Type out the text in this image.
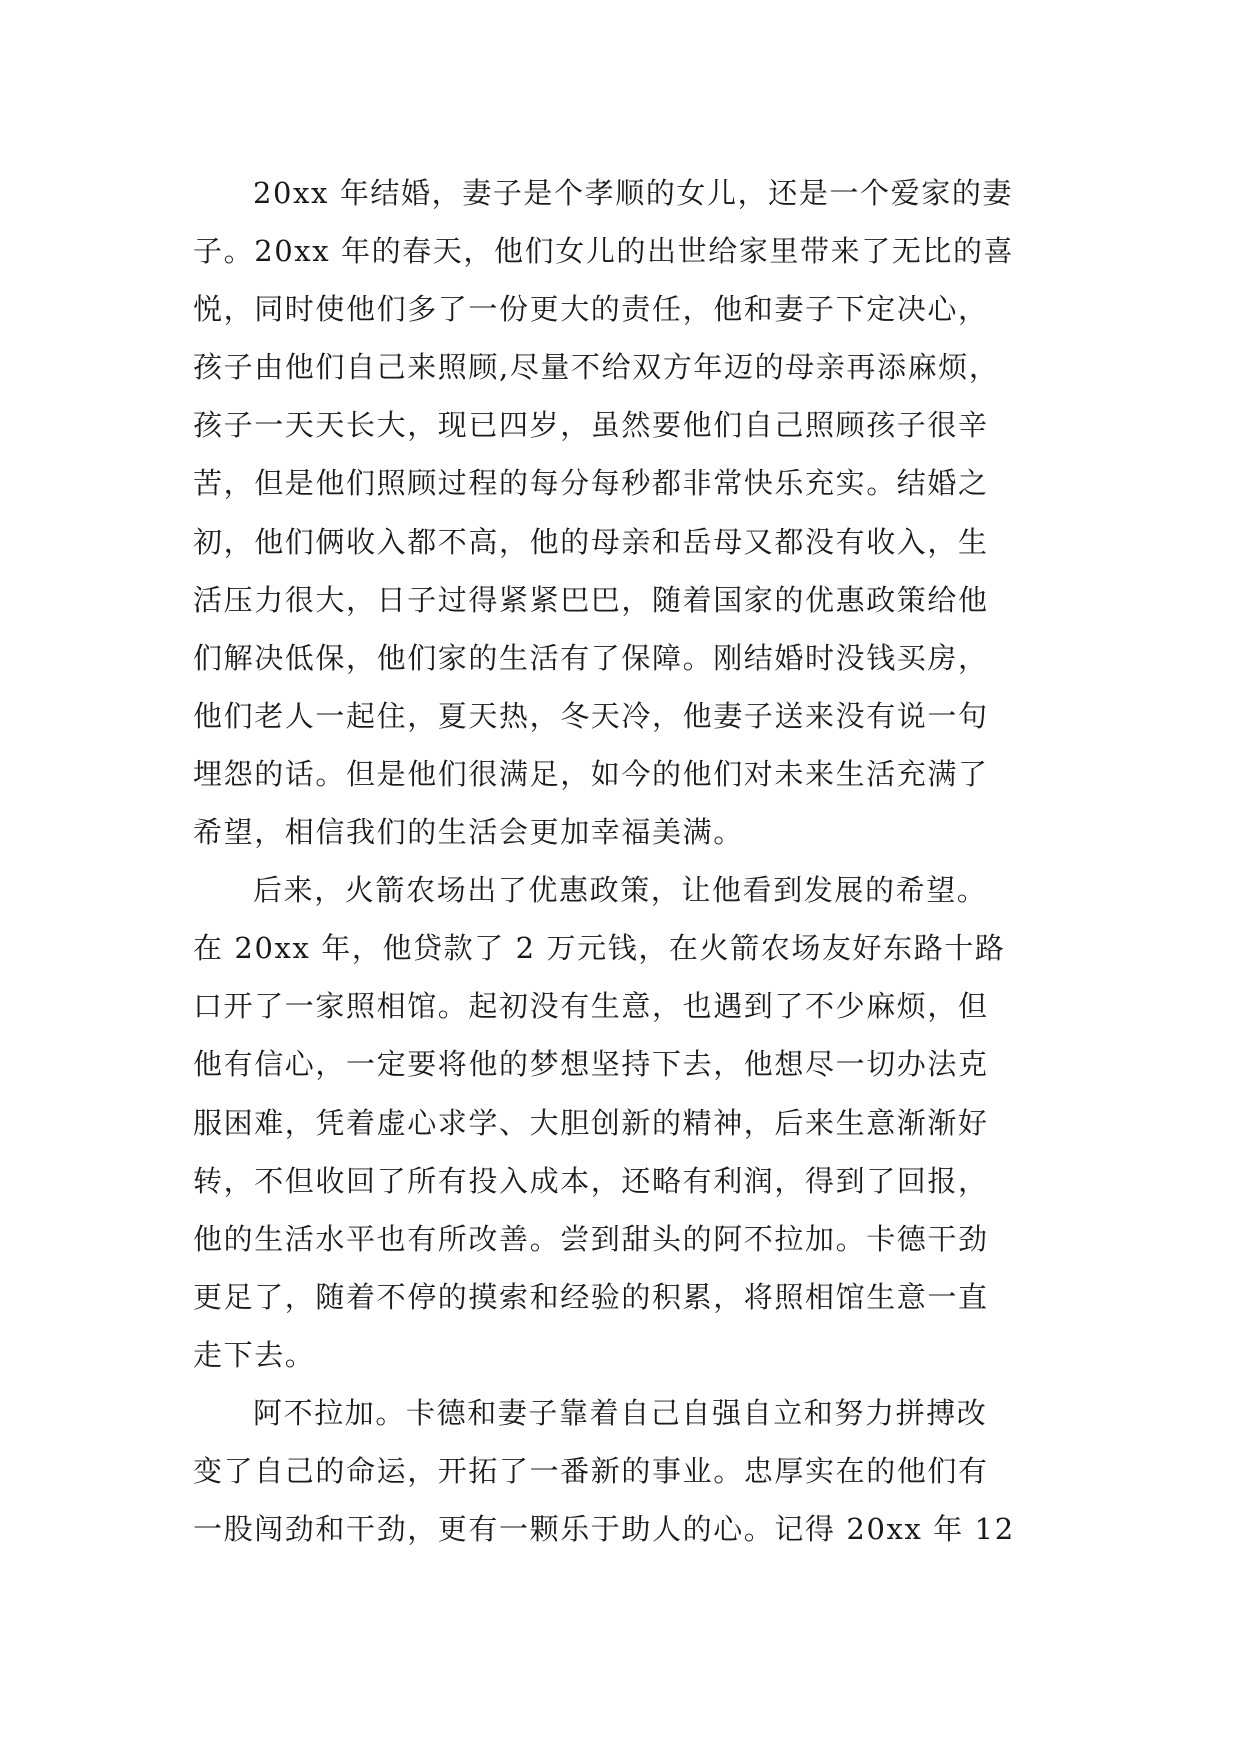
20xx 年结婚，妻子是个孝顺的女儿，还是一个爱家的妻
子。20xx 年的春天，他们女儿的出世给家里带来了无比的喜
悦，同时使他们多了一份更大的责任，他和妻子下定决心，
孩子由他们自己来照顾,尽量不给双方年迈的母亲再添麻烦，
孩子一天天长大，现已四岁，虽然要他们自己照顾孩子很辛
苦，但是他们照顾过程的每分每秒都非常快乐充实。结婚之
初，他们俩收入都不高，他的母亲和岳母又都没有收入，生
活压力很大，日子过得紧紧巴巴，随着国家的优惠政策给他
们解决低保，他们家的生活有了保障。刚结婚时没钱买房，
他们老人一起住，夏天热，冬天冷，他妻子送来没有说一句
埋怨的话。但是他们很满足，如今的他们对未来生活充满了
希望，相信我们的生活会更加幸福美满。
后来，火箭农场出了优惠政策，让他看到发展的希望。
在 20xx 年，他贷款了 2 万元钱，在火箭农场友好东路十路
口开了一家照相馆。起初没有生意，也遇到了不少麻烦，但
他有信心，一定要将他的梦想坚持下去，他想尽一切办法克
服困难，凭着虚心求学、大胆创新的精神，后来生意渐渐好
转，不但收回了所有投入成本，还略有利润，得到了回报，
他的生活水平也有所改善。尝到甜头的阿不拉加。卡德干劲
更足了，随着不停的摸索和经验的积累，将照相馆生意一直
走下去。
阿不拉加。卡德和妻子靠着自己自强自立和努力拼搏改
变了自己的命运，开拓了一番新的事业。忠厚实在的他们有
一股闯劲和干劲，更有一颗乐于助人的心。记得 20xx 年 12
